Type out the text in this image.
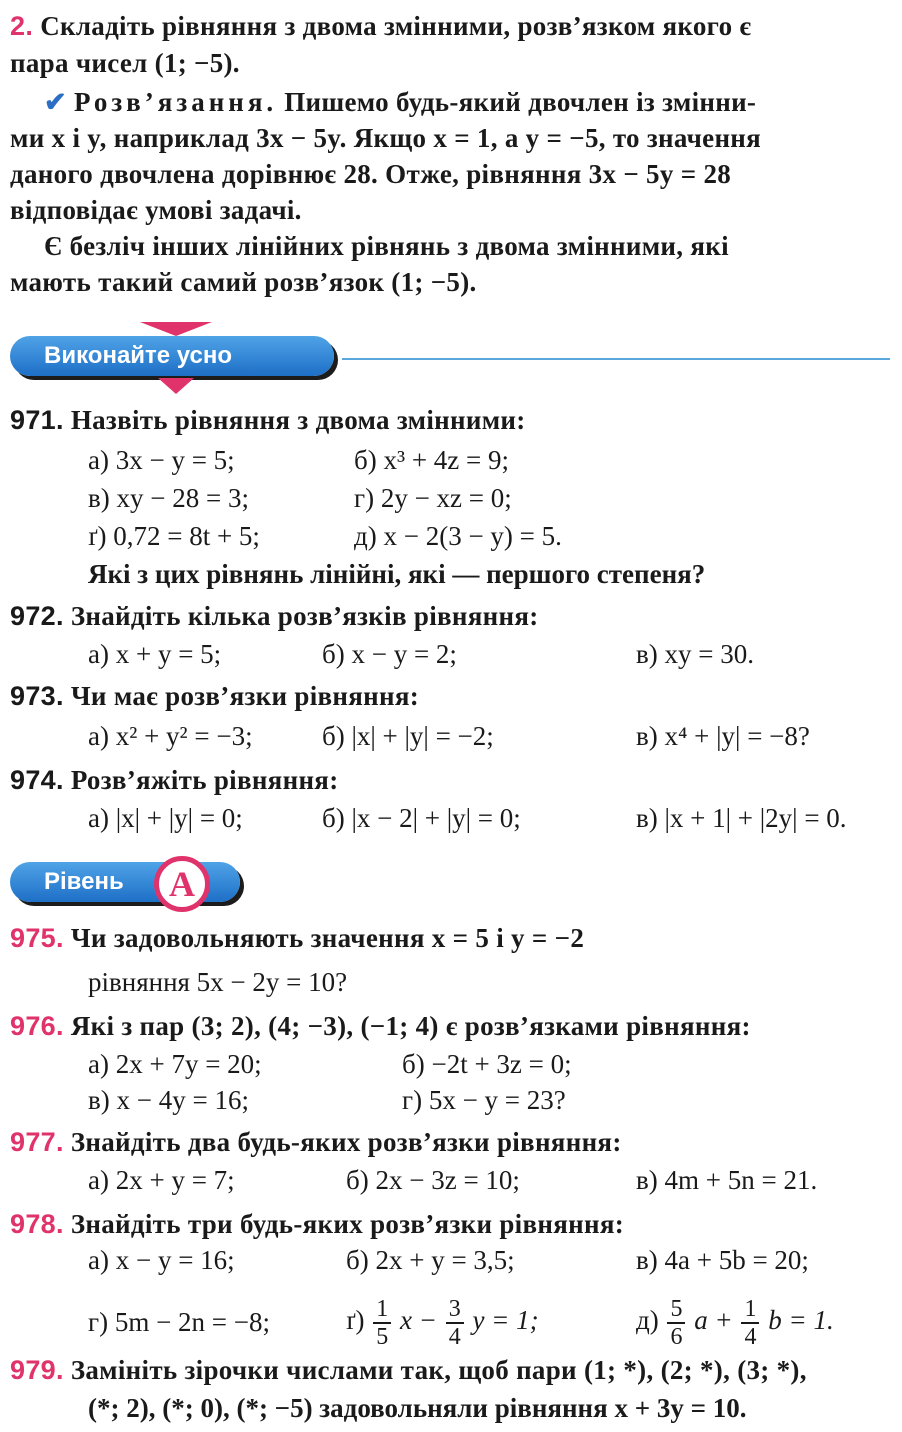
2. Складіть рівняння з двома змінними, розв’язком якого є
пара чисел (1; −5).
✔ Розв’язання. Пишемо будь-який двочлен із змінни-
ми x і y, наприклад 3x − 5y. Якщо x = 1, а y = −5, то значення
даного двочлена дорівнює 28. Отже, рівняння 3x − 5y = 28
відповідає умові задачі.
Є безліч інших лінійних рівнянь з двома змінними, які
мають такий самий розв’язок (1; −5).
Виконайте усно
971. Назвіть рівняння з двома змінними:
а) 3x − y = 5;	б) x³ + 4z = 9;
в) xy − 28 = 3;	г) 2y − xz = 0;
ґ) 0,72 = 8t + 5;	д) x − 2(3 − y) = 5.
Які з цих рівнянь лінійні, які — першого степеня?
972. Знайдіть кілька розв’язків рівняння:
а) x + y = 5;	б) x − y = 2;	в) xy = 30.
973. Чи має розв’язки рівняння:
а) x² + y² = −3;	б) |x| + |y| = −2;	в) x⁴ + |y| = −8?
974. Розв’яжіть рівняння:
а) |x| + |y| = 0;	б) |x − 2| + |y| = 0;	в) |x + 1| + |2y| = 0.
Рівень	А
975. Чи задовольняють значення x = 5 і y = −2
рівняння 5x − 2y = 10?
976. Які з пар (3; 2), (4; −3), (−1; 4) є розв’язками рівняння:
а) 2x + 7y = 20;	б) −2t + 3z = 0;
в) x − 4y = 16;	г) 5x − y = 23?
977. Знайдіть два будь-яких розв’язки рівняння:
а) 2x + y = 7;	б) 2x − 3z = 10;	в) 4m + 5n = 21.
978. Знайдіть три будь-яких розв’язки рівняння:
а) x − y = 16;	б) 2x + y = 3,5;	в) 4a + 5b = 20;
г) 5m − 2n = −8;	$ґ) \frac{1}{5}$ $x - \frac{3}{4}$ y = 1;	$д) \frac{5}{6}$ $a + \frac{1}{4}$ b = 1.
979. Замініть зірочки числами так, щоб пари (1; *), (2; *), (3; *),
(*; 2), (*; 0), (*; −5) задовольняли рівняння x + 3y = 10.
